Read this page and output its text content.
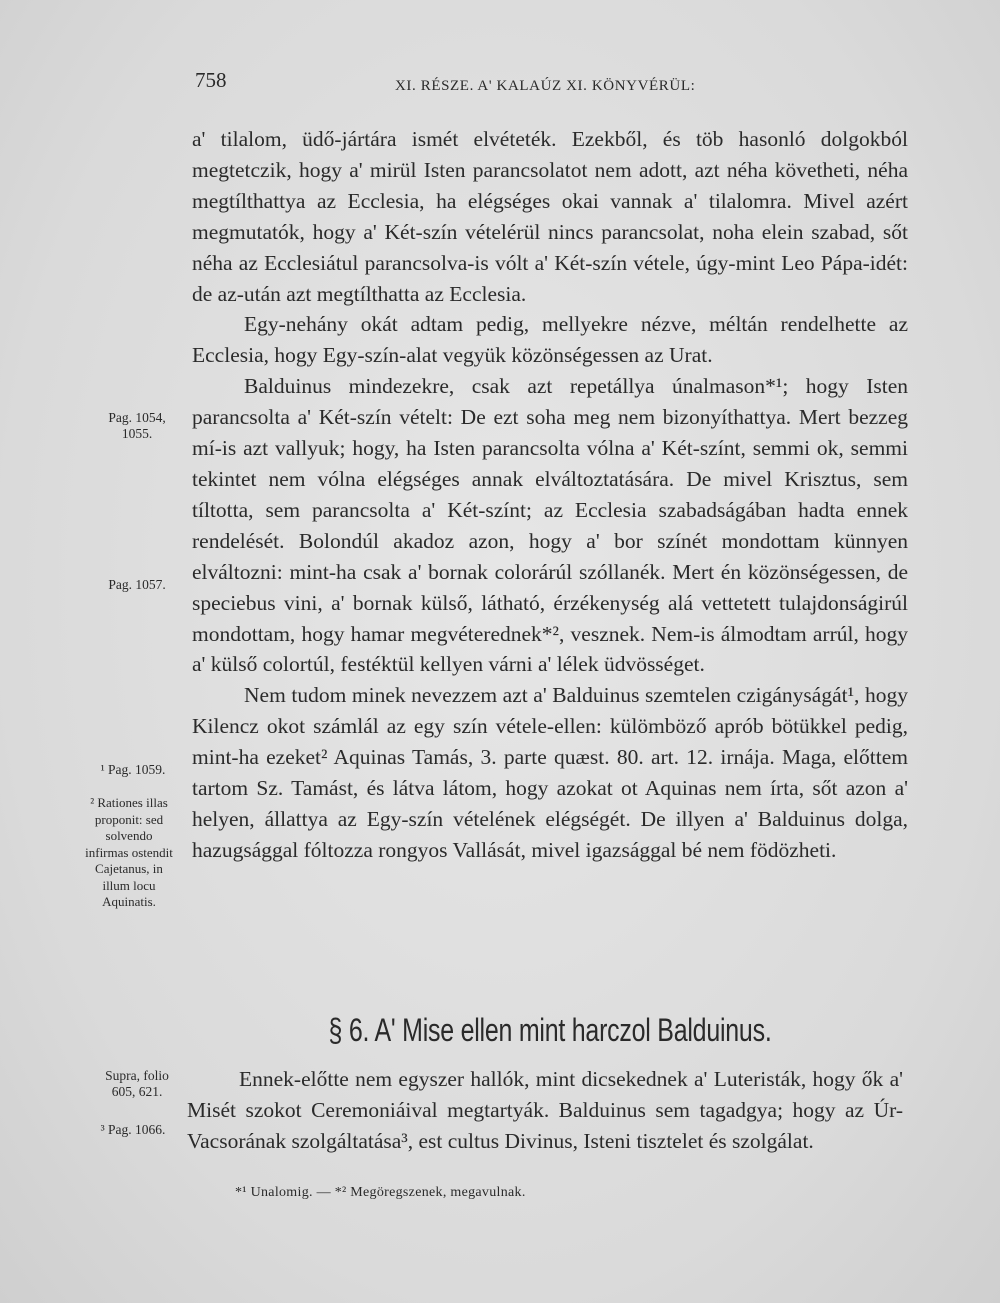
758	XI. RÉSZE. A' KALAÚZ XI. KÖNYVÉRÜL:

a' tilalom, üdő-jártára ismét elvéteték. Ezekből, és töb hasonló dolgokból megtetczik, hogy a' mirül Isten parancsolatot nem adott, azt néha követheti, néha megtílthattya az Ecclesia, ha elégséges okai vannak a' tilalomra. Mivel azért megmutatók, hogy a' Két-szín vételérül nincs parancsolat, noha elein szabad, sőt néha az Ecclesiátul parancsolva-is vólt a' Két-szín vétele, úgy-mint Leo Pápa-idét: de az-után azt megtílthatta az Ecclesia.

Egy-nehány okát adtam pedig, mellyekre nézve, méltán rendelhette az Ecclesia, hogy Egy-szín-alat vegyük közönségessen az Urat.

Balduinus mindezekre, csak azt repetállya únalmason*¹; hogy Isten parancsolta a' Két-szín vételt: De ezt soha meg nem bizonyíthattya. Mert bezzeg mí-is azt vallyuk; hogy, ha Isten parancsolta vólna a' Két-színt, semmi ok, semmi tekintet nem vólna elégséges annak elváltoztatására. De mivel Krisztus, sem tíltotta, sem parancsolta a' Két-színt; az Ecclesia szabadságában hadta ennek rendelését. Bolondúl akadoz azon, hogy a' bor színét mondottam künnyen elváltozni: mint-ha csak a' bornak colorárúl szóllanék. Mert én közönségessen, de speciebus vini, a' bornak külső, látható, érzékenység alá vettetett tulajdonságirúl mondottam, hogy hamar megvéterednek*², vesznek. Nem-is álmodtam arrúl, hogy a' külső colortúl, festéktül kellyen várni a' lélek üdvösséget.

Nem tudom minek nevezzem azt a' Balduinus szemtelen czigányságát¹, hogy Kilencz okot számlál az egy szín vétele-ellen: külömböző aprób bötükkel pedig, mint-ha ezeket² Aquinas Tamás, 3. parte quæst. 80. art. 12. irnája. Maga, előttem tartom Sz. Tamást, és látva látom, hogy azokat ot Aquinas nem írta, sőt azon a' helyen, állattya az Egy-szín vételének elégségét. De illyen a' Balduinus dolga, hazugsággal fóltozza rongyos Vallását, mivel igazsággal bé nem födözheti.

§ 6. A' Mise ellen mint harczol Balduinus.

Ennek-előtte nem egyszer hallók, mint dicsekednek a' Luteristák, hogy ők a' Misét szokot Ceremoniáival megtartyák. Balduinus sem tagadgya; hogy az Úr-Vacsorának szolgáltatása³, est cultus Divinus, Isteni tisztelet és szolgálat.

*¹ Unalomig. — *² Megöregszenek, megavulnak.
Pag. 1054, 1055.
Pag. 1057.
¹ Pag. 1059.
² Rationes illas proponit: sed solvendo infirmas ostendit Cajetanus, in illum locu Aquinatis.
Supra, folio 605, 621.
³ Pag. 1066.
